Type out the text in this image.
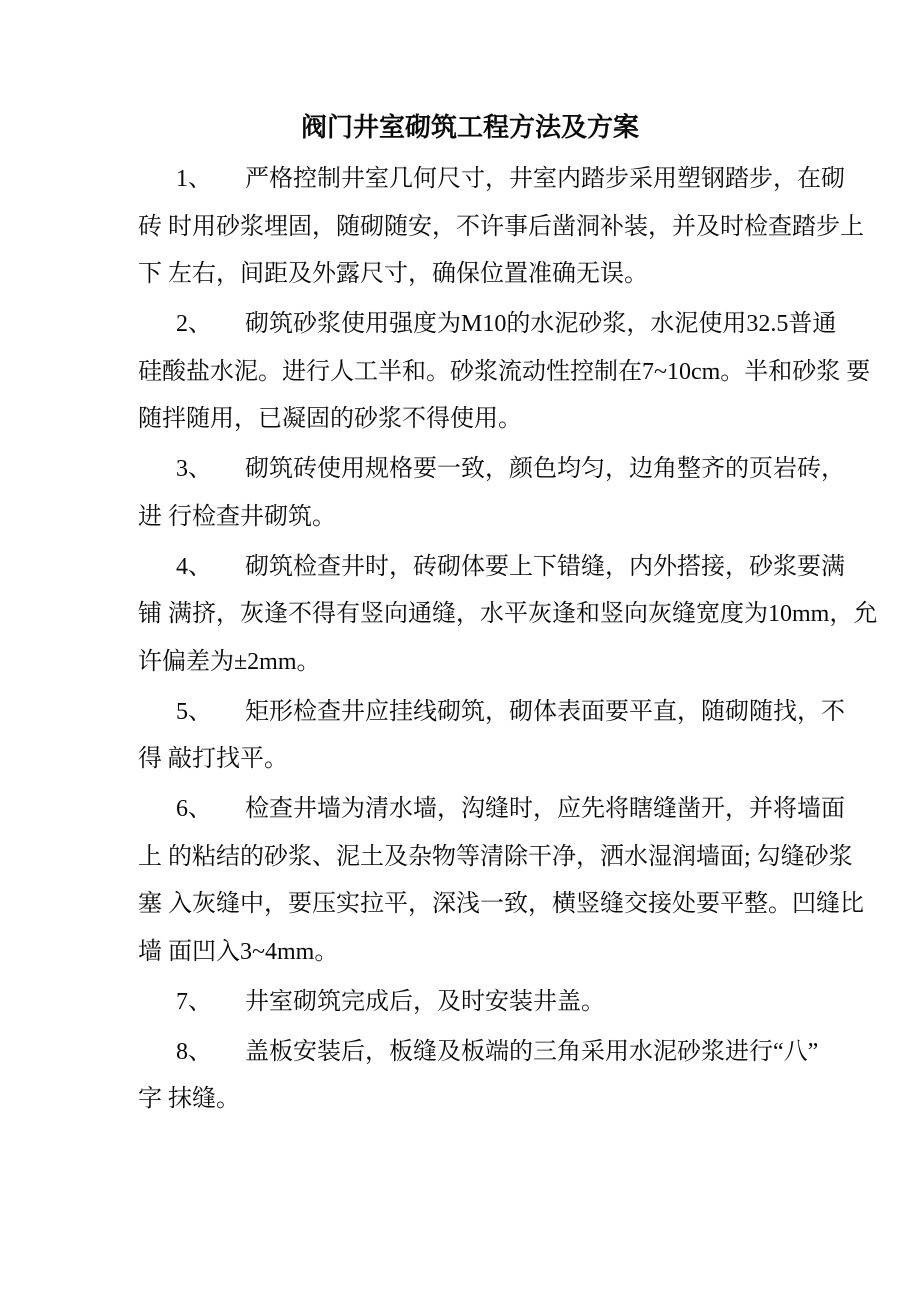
阀门井室砌筑工程方法及方案
1、 严格控制井室几何尺寸，井室内踏步采用塑钢踏步，在砌
砖 时用砂浆埋固，随砌随安，不许事后凿洞补装，并及时检查踏步上
下 左右，间距及外露尺寸，确保位置准确无误。
2、 砌筑砂浆使用强度为M10的水泥砂浆，水泥使用32.5普通
硅酸盐水泥。进行人工半和。砂浆流动性控制在7~10cm。半和砂浆 要
随拌随用，已凝固的砂浆不得使用。
3、 砌筑砖使用规格要一致，颜色均匀，边角整齐的页岩砖，
进 行检查井砌筑。
4、 砌筑检查井时，砖砌体要上下错缝，内外搭接，砂浆要满
铺 满挤，灰逢不得有竖向通缝，水平灰逢和竖向灰缝宽度为10mm，允
许偏差为±2mm。
5、 矩形检查井应挂线砌筑，砌体表面要平直，随砌随找，不
得 敲打找平。
6、 检查井墙为清水墙，沟缝时，应先将瞎缝凿开，并将墙面
上 的粘结的砂浆、泥土及杂物等清除干净，洒水湿润墙面; 勾缝砂浆
塞 入灰缝中，要压实拉平，深浅一致，横竖缝交接处要平整。凹缝比
墙 面凹入3~4mm。
7、 井室砌筑完成后，及时安装井盖。
8、 盖板安装后，板缝及板端的三角采用水泥砂浆进行“八”
字 抹缝。
